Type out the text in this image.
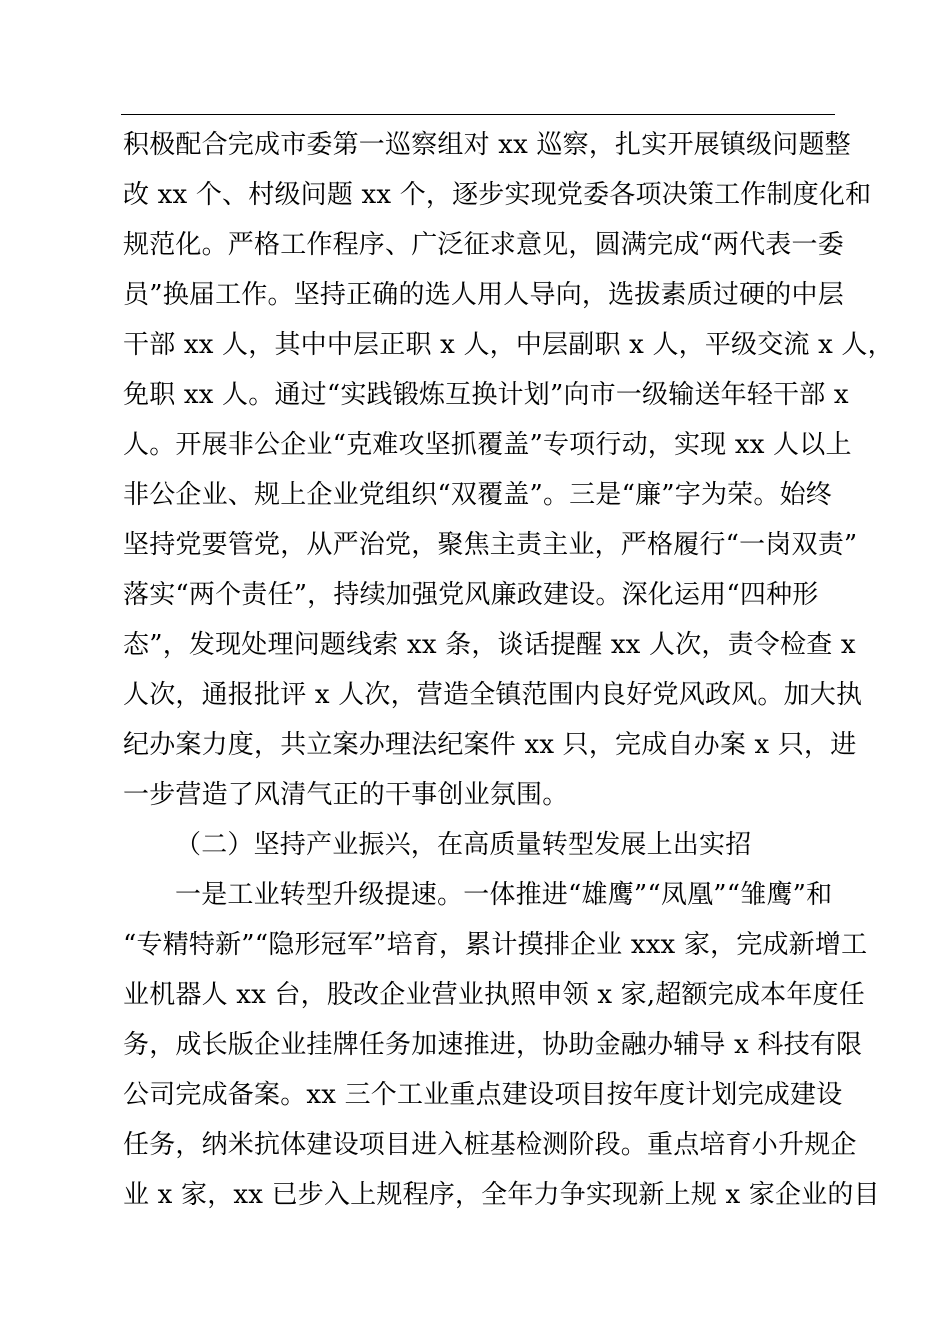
积极配合完成市委第一巡察组对 xx 巡察，扎实开展镇级问题整
改 xx 个、村级问题 xx 个，逐步实现党委各项决策工作制度化和
规范化。严格工作程序、广泛征求意见，圆满完成“两代表一委
员”换届工作。坚持正确的选人用人导向，选拔素质过硬的中层
干部 xx 人，其中中层正职 x 人，中层副职 x 人，平级交流 x 人，
免职 xx 人。通过“实践锻炼互换计划”向市一级输送年轻干部 x
人。开展非公企业“克难攻坚抓覆盖”专项行动，实现 xx 人以上
非公企业、规上企业党组织“双覆盖”。三是“廉”字为荣。始终
坚持党要管党，从严治党，聚焦主责主业，严格履行“一岗双责”
落实“两个责任”，持续加强党风廉政建设。深化运用“四种形
态”，发现处理问题线索 xx 条，谈话提醒 xx 人次，责令检查 x
人次，通报批评 x 人次，营造全镇范围内良好党风政风。加大执
纪办案力度，共立案办理法纪案件 xx 只，完成自办案 x 只，进
一步营造了风清气正的干事创业氛围。
（二）坚持产业振兴，在高质量转型发展上出实招
一是工业转型升级提速。一体推进“雄鹰”“凤凰”“雏鹰”和
“专精特新”“隐形冠军”培育，累计摸排企业 xxx 家，完成新增工
业机器人 xx 台，股改企业营业执照申领 x 家,超额完成本年度任
务，成长版企业挂牌任务加速推进，协助金融办辅导 x 科技有限
公司完成备案。xx 三个工业重点建设项目按年度计划完成建设
任务，纳米抗体建设项目进入桩基检测阶段。重点培育小升规企
业 x 家，xx 已步入上规程序，全年力争实现新上规 x 家企业的目
